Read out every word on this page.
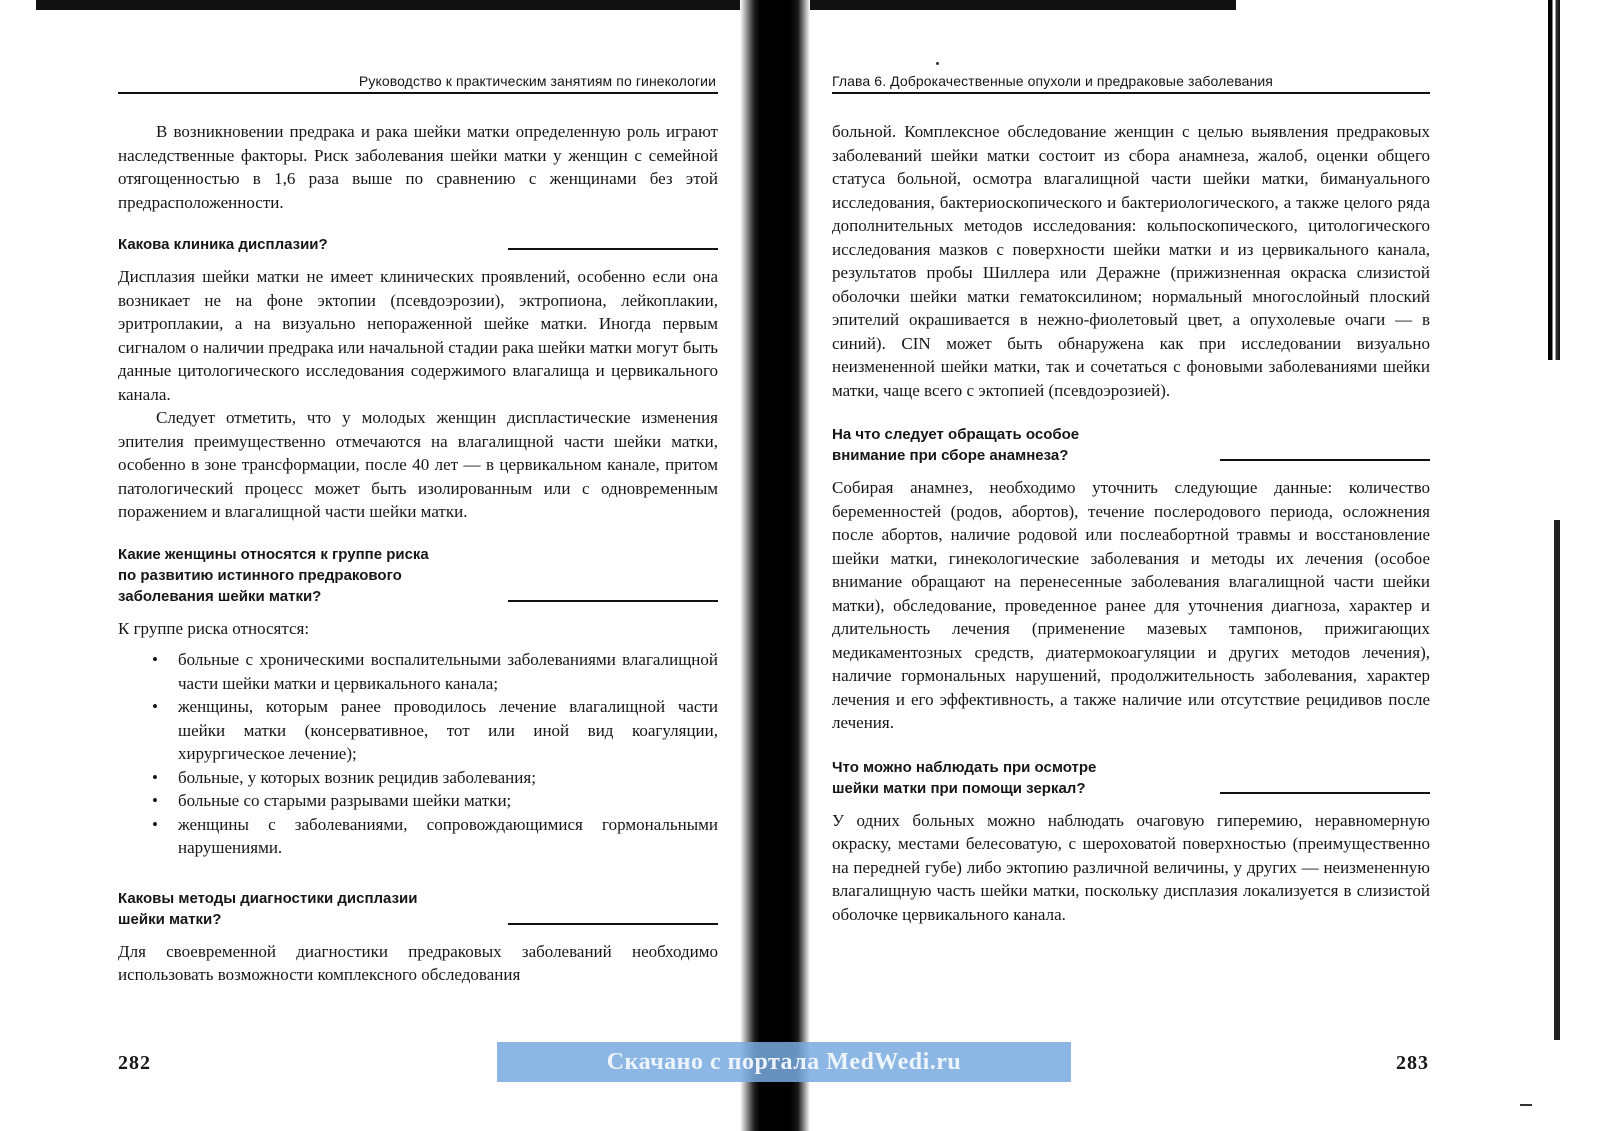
Руководство к практическим занятиям по гинекологии

В возникновении предрака и рака шейки матки определенную роль играют наследственные факторы. Риск заболевания шейки матки у женщин с семейной отягощенностью в 1,6 раза выше по сравнению с женщинами без этой предрасположенности.

Какова клиника дисплазии?

Дисплазия шейки матки не имеет клинических проявлений, особенно если она возникает не на фоне эктопии (псевдоэрозии), эктропиона, лейкоплакии, эритроплакии, а на визуально непораженной шейке матки. Иногда первым сигналом о наличии предрака или начальной стадии рака шейки матки могут быть данные цитологического исследования содержимого влагалища и цервикального канала.

Следует отметить, что у молодых женщин диспластические изменения эпителия преимущественно отмечаются на влагалищной части шейки матки, особенно в зоне трансформации, после 40 лет — в цервикальном канале, притом патологический процесс может быть изолированным или с одновременным поражением и влагалищной части шейки матки.

Какие женщины относятся к группе риска
по развитию истинного предракового
заболевания шейки матки?

К группе риска относятся:

• больные с хроническими воспалительными заболеваниями влагалищной части шейки матки и цервикального канала;
• женщины, которым ранее проводилось лечение влагалищной части шейки матки (консервативное, тот или иной вид коагуляции, хирургическое лечение);
• больные, у которых возник рецидив заболевания;
• больные со старыми разрывами шейки матки;
• женщины с заболеваниями, сопровождающимися гормональными нарушениями.
Каковы методы диагностики дисплазии
шейки матки?

Для своевременной диагностики предраковых заболеваний необходимо использовать возможности комплексного обследования

Глава 6. Доброкачественные опухоли и предраковые заболевания

больной. Комплексное обследование женщин с целью выявления предраковых заболеваний шейки матки состоит из сбора анамнеза, жалоб, оценки общего статуса больной, осмотра влагалищной части шейки матки, бимануального исследования, бактериоскопического и бактериологического, а также целого ряда дополнительных методов исследования: кольпоскопического, цитологического исследования мазков с поверхности шейки матки и из цервикального канала, результатов пробы Шиллера или Деражне (прижизненная окраска слизистой оболочки шейки матки гематоксилином; нормальный многослойный плоский эпителий окрашивается в нежно-фиолетовый цвет, а опухолевые очаги — в синий). CIN может быть обнаружена как при исследовании визуально неизмененной шейки матки, так и сочетаться с фоновыми заболеваниями шейки матки, чаще всего с эктопией (псевдоэрозией).

На что следует обращать особое
внимание при сборе анамнеза?

Собирая анамнез, необходимо уточнить следующие данные: количество беременностей (родов, абортов), течение послеродового периода, осложнения после абортов, наличие родовой или послеабортной травмы и восстановление шейки матки, гинекологические заболевания и методы их лечения (особое внимание обращают на перенесенные заболевания влагалищной части шейки матки), обследование, проведенное ранее для уточнения диагноза, характер и длительность лечения (применение мазевых тампонов, прижигающих медикаментозных средств, диатермокоагуляции и других методов лечения), наличие гормональных нарушений, продолжительность заболевания, характер лечения и его эффективность, а также наличие или отсутствие рецидивов после лечения.

Что можно наблюдать при осмотре
шейки матки при помощи зеркал?

У одних больных можно наблюдать очаговую гиперемию, неравномерную окраску, местами белесоватую, с шероховатой поверхностью (преимущественно на передней губе) либо эктопию различной величины, у других — неизмененную влагалищную часть шейки матки, поскольку дисплазия локализуется в слизистой оболочке цервикального канала.

282	283
Скачано с портала MedWedi.ru
